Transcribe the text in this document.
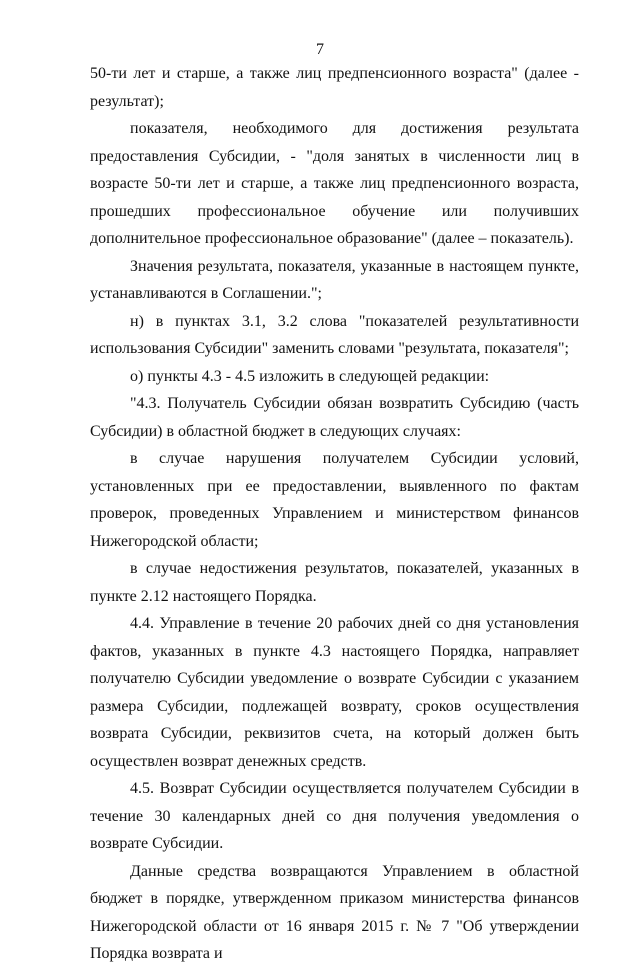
7

50-ти лет и старше, а также лиц предпенсионного возраста" (далее - результат);

показателя, необходимого для достижения результата предоставления Субсидии, - "доля занятых в численности лиц в возрасте 50-ти лет и старше, а также лиц предпенсионного возраста, прошедших профессиональное обучение или получивших дополнительное профессиональное образование" (далее – показатель).

Значения результата, показателя, указанные в настоящем пункте, устанавливаются в Соглашении.";

н) в пунктах 3.1, 3.2 слова "показателей результативности использования Субсидии" заменить словами "результата, показателя";

о) пункты 4.3 - 4.5 изложить в следующей редакции:

"4.3. Получатель Субсидии обязан возвратить Субсидию (часть Субсидии) в областной бюджет в следующих случаях:

в случае нарушения получателем Субсидии условий, установленных при ее предоставлении, выявленного по фактам проверок, проведенных Управлением и министерством финансов Нижегородской области;

в случае недостижения результатов, показателей, указанных в пункте 2.12 настоящего Порядка.

4.4. Управление в течение 20 рабочих дней со дня установления фактов, указанных в пункте 4.3 настоящего Порядка, направляет получателю Субсидии уведомление о возврате Субсидии с указанием размера Субсидии, подлежащей возврату, сроков осуществления возврата Субсидии, реквизитов счета, на который должен быть осуществлен возврат денежных средств.

4.5. Возврат Субсидии осуществляется получателем Субсидии в течение 30 календарных дней со дня получения уведомления о возврате Субсидии.

Данные средства возвращаются Управлением в областной бюджет в порядке, утвержденном приказом министерства финансов Нижегородской области от 16 января 2015 г. № 7 "Об утверждении Порядка возврата и
